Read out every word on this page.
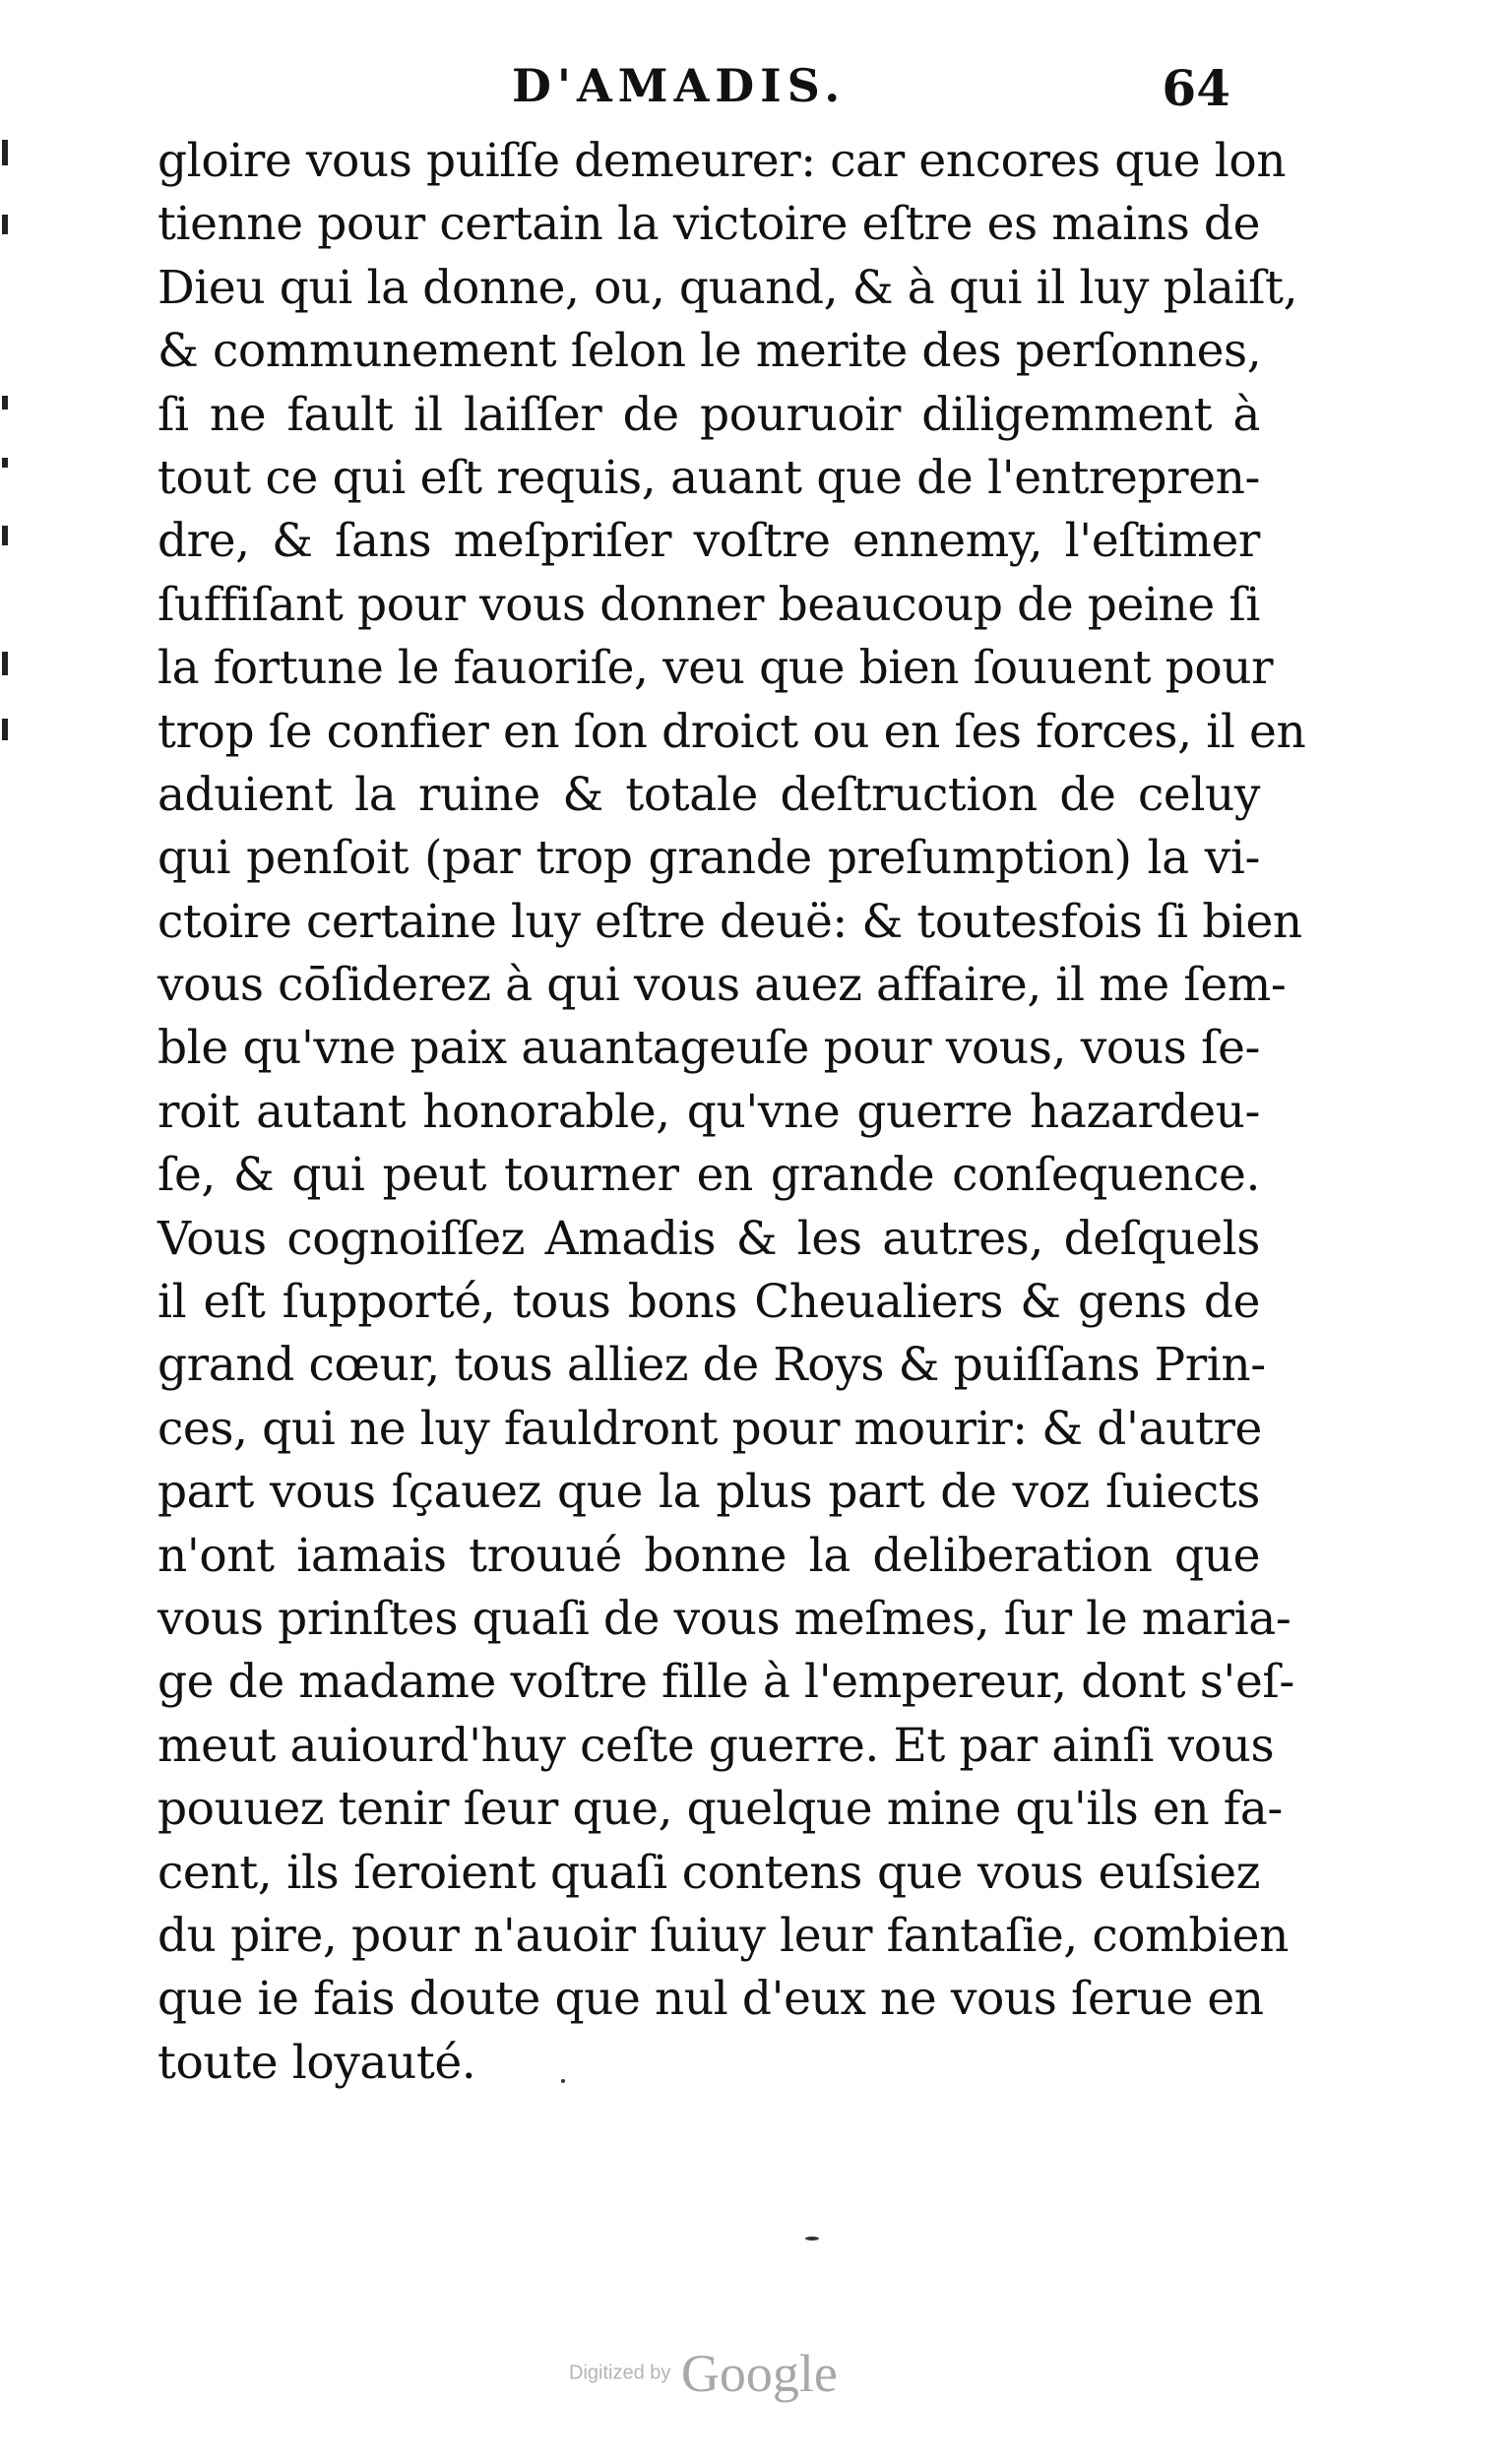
D'AMADIS.	64
gloire vous puiſſe demeurer: car encores que lon
tienne pour certain la victoire eſtre es mains de
Dieu qui la donne, ou, quand, & à qui il luy plaiſt,
& communement ſelon le merite des perſonnes,
ſi ne fault il laiſſer de pouruoir diligemment à
tout ce qui eſt requis, auant que de l'entrepren-
dre, & ſans meſpriſer voſtre ennemy, l'eſtimer
ſuffiſant pour vous donner beaucoup de peine ſi
la fortune le fauoriſe, veu que bien ſouuent pour
trop ſe confier en ſon droict ou en ſes forces, il en
aduient la ruine & totale deſtruction de celuy
qui penſoit (par trop grande preſumption) la vi-
ctoire certaine luy eſtre deuë: & toutesfois ſi bien
vous cōſiderez à qui vous auez affaire, il me ſem-
ble qu'vne paix auantageuſe pour vous, vous ſe-
roit autant honorable, qu'vne guerre hazardeu-
ſe, & qui peut tourner en grande conſequence.
Vous cognoiſſez Amadis & les autres, deſquels
il eſt ſupporté, tous bons Cheualiers & gens de
grand cœur, tous alliez de Roys & puiſſans Prin-
ces, qui ne luy fauldront pour mourir: & d'autre
part vous ſçauez que la plus part de voz ſuiects
n'ont iamais trouué bonne la deliberation que
vous prinſtes quaſi de vous meſmes, ſur le maria-
ge de madame voſtre fille à l'empereur, dont s'eſ-
meut auiourd'huy ceſte guerre. Et par ainſi vous
pouuez tenir ſeur que, quelque mine qu'ils en fa-
cent, ils ſeroient quaſi contens que vous euſsiez
du pire, pour n'auoir ſuiuy leur fantaſie, combien
que ie fais doute que nul d'eux ne vous ſerue en
toute loyauté.
Digitized by Google
